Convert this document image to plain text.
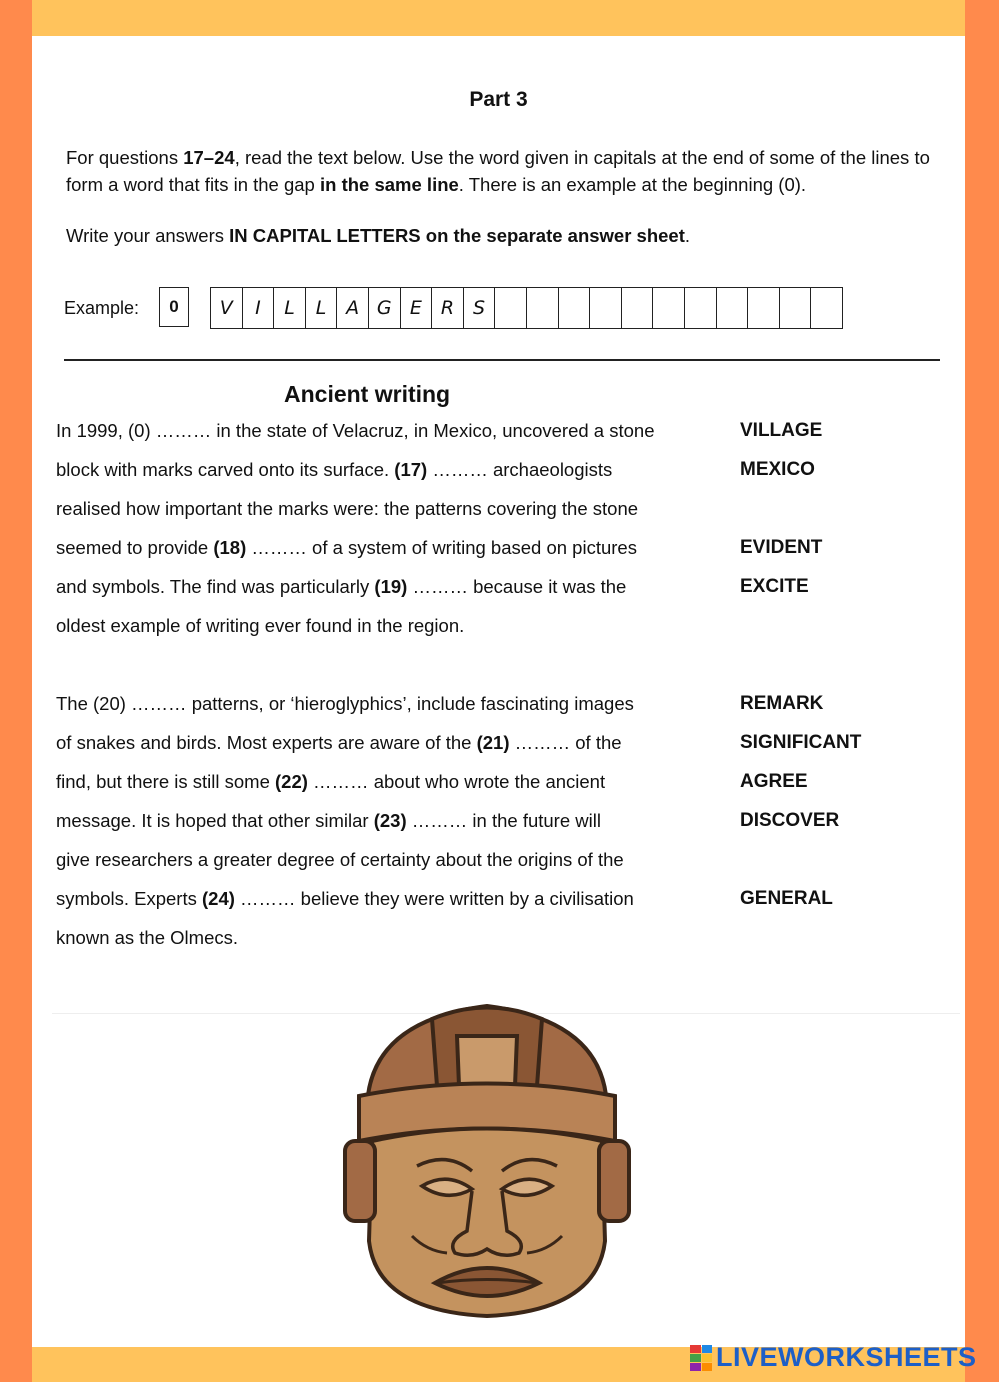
Part 3
For questions 17–24, read the text below. Use the word given in capitals at the end of some of the lines to form a word that fits in the gap in the same line. There is an example at the beginning (0).
Write your answers IN CAPITAL LETTERS on the separate answer sheet.
Example:	0	V	I	L	L	A G E R S
Ancient writing
In 1999, (0) ……… in the state of Velacruz, in Mexico, uncovered a stone	VILLAGE
block with marks carved onto its surface. (17) ……… archaeologists	MEXICO
realised how important the marks were: the patterns covering the stone
seemed to provide (18) ……… of a system of writing based on pictures	EVIDENT
and symbols. The find was particularly (19) ……… because it was the	EXCITE
oldest example of writing ever found in the region.
The (20) ……… patterns, or ‘hieroglyphics’, include fascinating images	REMARK
of snakes and birds. Most experts are aware of the (21) ……… of the	SIGNIFICANT
find, but there is still some (22) ……… about who wrote the ancient	AGREE
message. It is hoped that other similar (23) ……… in the future will	DISCOVER
give researchers a greater degree of certainty about the origins of the
symbols. Experts (24) ……… believe they were written by a civilisation	GENERAL
known as the Olmecs.
LIVEWORKSHEETS
